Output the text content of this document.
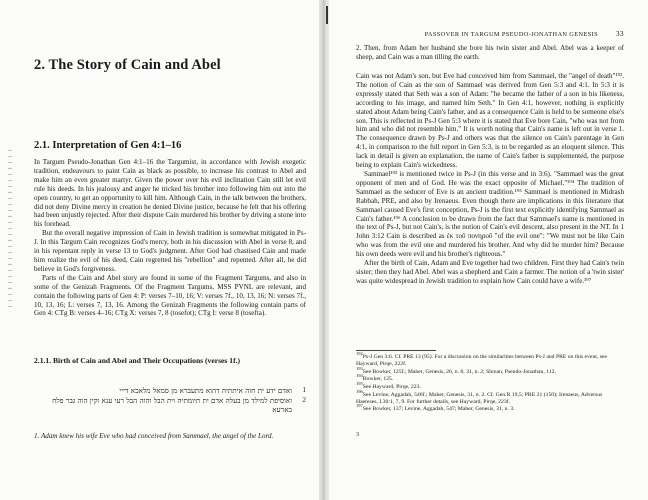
2. The Story of Cain and Abel
2.1. Interpretation of Gen 4:1–16

In Targum Pseudo-Jonathan Gen 4:1–16 the Targumist, in accordance with Jewish exegetic tradition, endeavours to paint Cain as black as possible, to increase his contrast to Abel and make him an even greater martyr. Given the power over his evil inclination Cain still let evil rule his deeds. In his jealousy and anger he tricked his brother into following him out into the open country, to get an opportunity to kill him. Although Cain, in the talk between the brothers, did not deny Divine mercy in creation he denied Divine justice, because he felt that his offering had been unjustly rejected. After their dispute Cain murdered his brother by driving a stone into his forehead.

But the overall negative impression of Cain in Jewish tradition is somewhat mitigated in Ps-J. In this Targum Cain recognizes God's mercy, both in his discussion with Abel in verse 8, and in his repentant reply in verse 13 to God's judgment. After God had chastised Cain and made him realize the evil of his deed, Cain regretted his "rebellion" and repented. After all, he did believe in God's forgiveness.

Parts of the Cain and Abel story are found in some of the Fragment Targums, and also in some of the Genizah Fragments. Of the Fragment Targums, MSS PVNL are relevant, and contain the following parts of Gen 4: P: verses 7–10, 16; V: verses 7f., 10, 13, 16; N: verses 7f., 10, 13, 16; L: verses 7, 13, 16. Among the Genizah Fragments the following contain parts of Gen 4: CTg B: verses 4–16; CTg X: verses 7, 8 (tosefot); CTg I: verse 8 (tosefta).

2.1.1. Birth of Cain and Abel and Their Occupations (verses 1f.)
ואדם ידע ית חוה איתתיה דהוא מתעברא מן סמאל מלאכא דייי	1
ואוסיפת למילד מן בעלה אדם ית תיומתיה וית הבל והוה הבל רעי ענא וקין הוה גבר פלח בארעא
2
1. Adam knew his wife Eve who had conceived from Sammael, the angel of the Lord.
PASSOVER IN TARGUM PSEUDO-JONATHAN GENESIS	33
2. Then, from Adam her husband she bore his twin sister and Abel. Abel was a keeper of sheep, and Cain was a man tilling the earth.

Cain was not Adam's son, but Eve had conceived him from Sammael, the "angel of death"¹⁹². The notion of Cain as the son of Sammael was derived from Gen 5:3 and 4:1. In 5:3 it is expressly stated that Seth was a son of Adam: "he became the father of a son in his likeness, according to his image, and named him Seth." In Gen 4:1, however, nothing is explicitly stated about Adam being Cain's father, and as a consequence Cain is held to be someone else's son. This is reflected in Ps-J Gen 5:3 where it is stated that Eve bore Cain, "who was not from him and who did not resemble him." It is worth noting that Cain's name is left out in verse 1. The consequence drawn by Ps-J and others was that the silence on Cain's parentage in Gen 4:1, in comparison to the full report in Gen 5:3, is to be regarded as an eloquent silence. This lack in detail is given an explanation, the name of Cain's father is supplemented, the purpose being to explain Cain's wickedness.

Sammael¹⁹³ is mentioned twice in Ps-J (in this verse and in 3:6). "Sammael was the great opponent of men and of God. He was the exact opposite of Michael."¹⁹⁴ The tradition of Sammael as the seducer of Eve is an ancient tradition.¹⁹⁵ Sammael is mentioned in Midrash Rabbah, PRE, and also by Irenaeus. Even though there are implications in this literature that Sammael caused Eve's first conception, Ps-J is the first text explicitly identifying Sammael as Cain's father.¹⁹⁶ A conclusion to be drawn from the fact that Sammael's name is mentioned in the text of Ps-J, but not Cain's, is the notion of Cain's evil descent, also present in the NT. In 1 John 3:12 Cain is described as ἐκ τοῦ πονηροῦ "of the evil one": "We must not be like Cain who was from the evil one and murdered his brother. And why did he murder him? Because his own deeds were evil and his brother's righteous."

After the birth of Cain, Adam and Eve together had two children. First they had Cain's twin sister; then they had Abel. Abel was a shepherd and Cain a farmer. The notion of a 'twin sister' was quite widespread in Jewish tradition to explain how Cain could have a wife.¹⁹⁷

$^{192}$Ps-J Gen 3:6. Cf. PRE 13 (95). For a discussion on the similarities between Ps-J and PRE on this event, see Hayward, Pirqe, 222f.

$^{193}$See Bowker, 125f.; Maher, Genesis, 26, n. 8, 31, n. 2; Shinan, Pseudo-Jonathan, 112.

$^{194}$Bowker, 125.

$^{195}$See Hayward, Pirqe, 223.

$^{196}$See Levine, Aggadah, 546f.; Maher, Genesis, 31, n. 2. Cf. Gen.R 19,5; PRE 21 (150); Irenaeus, Adversus Haereses, I.30:1, 7, 9. For further details, see Hayward, Pirqe, 223f.

$^{197}$See Bowker, 137; Levine, Aggadah, 547; Maher, Genesis, 31, n. 3.

3
